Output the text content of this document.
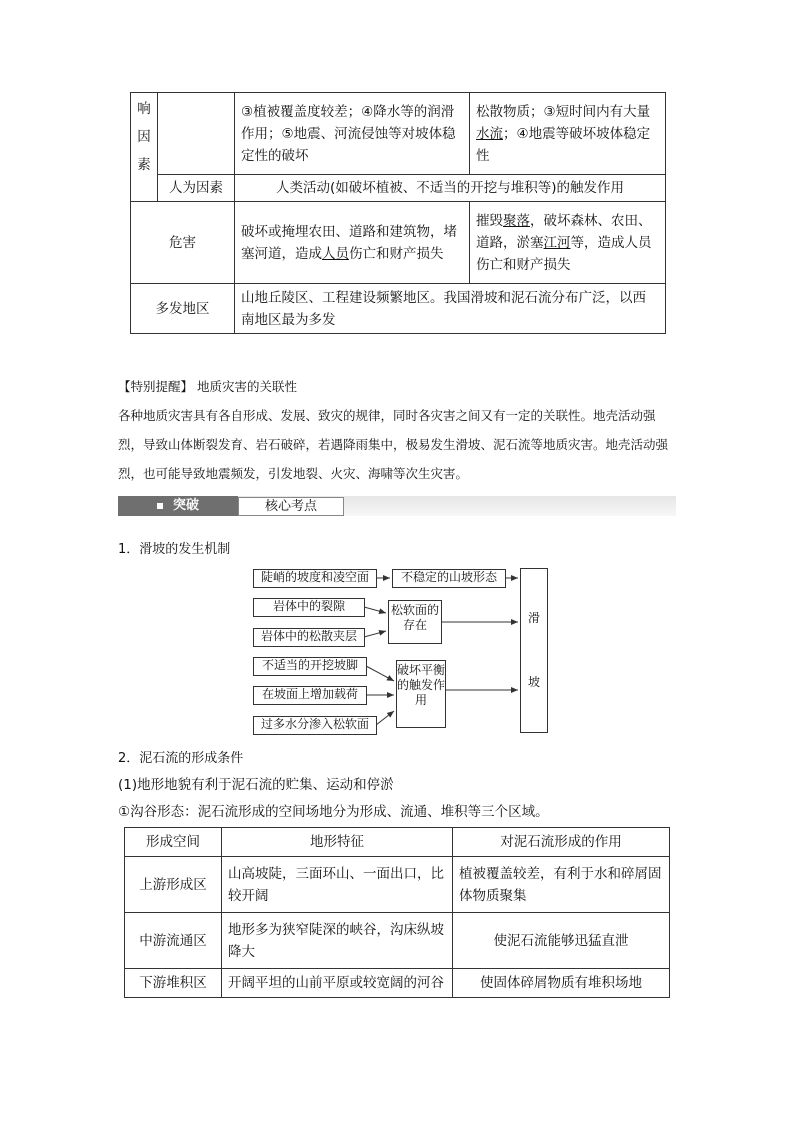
响
因
素		③植被覆盖度较差；④降水等的润滑作用；⑤地震、河流侵蚀等对坡体稳定性的破坏	松散物质；③短时间内有大量水流；④地震等破坏坡体稳定性
	人为因素	人类活动(如破坏植被、不适当的开挖与堆积等)的触发作用	
危害		破坏或掩埋农田、道路和建筑物，堵塞河道，造成人员伤亡和财产损失	摧毁聚落，破坏森林、农田、道路，淤塞江河等，造成人员伤亡和财产损失
多发地区		山地丘陵区、工程建设频繁地区。我国滑坡和泥石流分布广泛，以西南地区最为多发	
【特别提醒】 地质灾害的关联性
各种地质灾害具有各自形成、发展、致灾的规律，同时各灾害之间又有一定的关联性。地壳活动强烈，导致山体断裂发育、岩石破碎，若遇降雨集中，极易发生滑坡、泥石流等地质灾害。地壳活动强烈，也可能导致地震频发，引发地裂、火灾、海啸等次生灾害。
突破	核心考点
1．滑坡的发生机制
陡峭的坡度和凌空面	不稳定的山坡形态
岩体中的裂隙
岩体中的松散夹层
松软面的存在
不适当的开挖坡脚
在坡面上增加载荷
过多水分渗入松软面
破坏平衡的触发作用
滑
坡
2．泥石流的形成条件
(1)地形地貌有利于泥石流的贮集、运动和停淤
①沟谷形态：泥石流形成的空间场地分为形成、流通、堆积等三个区域。
形成空间	地形特征	对泥石流形成的作用
上游形成区	山高坡陡，三面环山、一面出口，比较开阔	植被覆盖较差，有利于水和碎屑固体物质聚集
中游流通区	地形多为狭窄陡深的峡谷，沟床纵坡降大	使泥石流能够迅猛直泄
下游堆积区	开阔平坦的山前平原或较宽阔的河谷	使固体碎屑物质有堆积场地
